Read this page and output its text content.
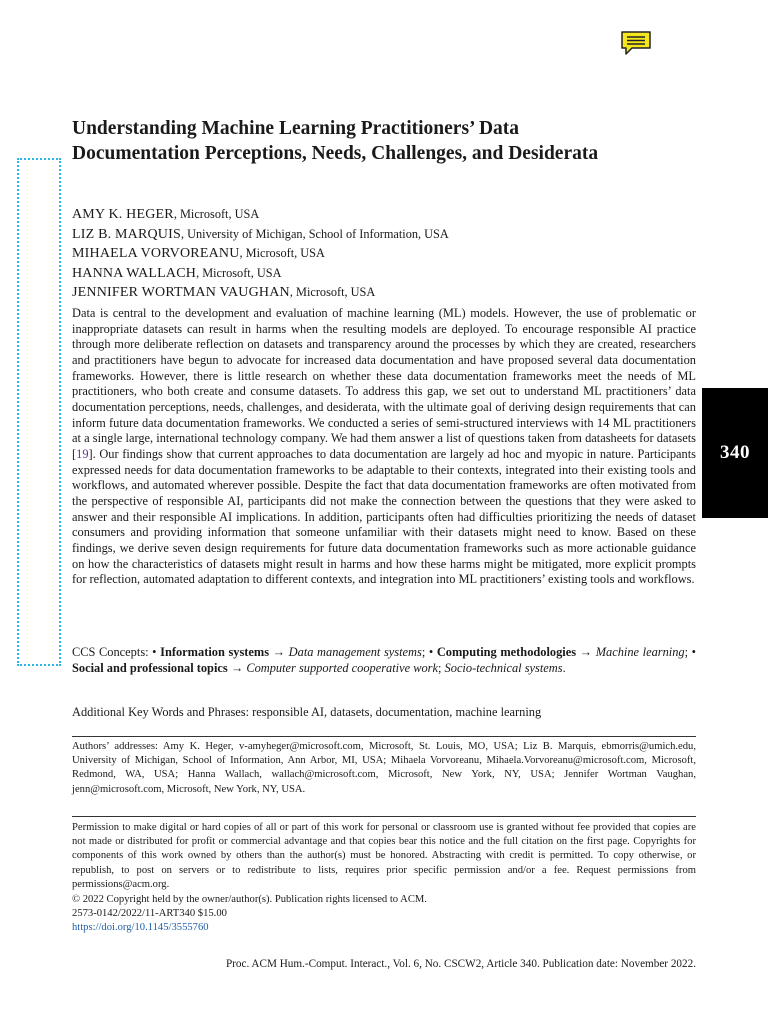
340
Understanding Machine Learning Practitioners’ Data Documentation Perceptions, Needs, Challenges, and Desiderata
AMY K. HEGER, Microsoft, USA
LIZ B. MARQUIS, University of Michigan, School of Information, USA
MIHAELA VORVOREANU, Microsoft, USA
HANNA WALLACH, Microsoft, USA
JENNIFER WORTMAN VAUGHAN, Microsoft, USA

Data is central to the development and evaluation of machine learning (ML) models. However, the use of problematic or inappropriate datasets can result in harms when the resulting models are deployed. To encourage responsible AI practice through more deliberate reflection on datasets and transparency around the processes by which they are created, researchers and practitioners have begun to advocate for increased data documentation and have proposed several data documentation frameworks. However, there is little research on whether these data documentation frameworks meet the needs of ML practitioners, who both create and consume datasets. To address this gap, we set out to understand ML practitioners’ data documentation perceptions, needs, challenges, and desiderata, with the ultimate goal of deriving design requirements that can inform future data documentation frameworks. We conducted a series of semi-structured interviews with 14 ML practitioners at a single large, international technology company. We had them answer a list of questions taken from datasheets for datasets [19]. Our findings show that current approaches to data documentation are largely ad hoc and myopic in nature. Participants expressed needs for data documentation frameworks to be adaptable to their contexts, integrated into their existing tools and workflows, and automated wherever possible. Despite the fact that data documentation frameworks are often motivated from the perspective of responsible AI, participants did not make the connection between the questions that they were asked to answer and their responsible AI implications. In addition, participants often had difficulties prioritizing the needs of dataset consumers and providing information that someone unfamiliar with their datasets might need to know. Based on these findings, we derive seven design requirements for future data documentation frameworks such as more actionable guidance on how the characteristics of datasets might result in harms and how these harms might be mitigated, more explicit prompts for reflection, automated adaptation to different contexts, and integration into ML practitioners’ existing tools and workflows.

CCS Concepts: • Information systems → Data management systems; • Computing methodologies → Machine learning; • Social and professional topics → Computer supported cooperative work; Socio-technical systems.

Additional Key Words and Phrases: responsible AI, datasets, documentation, machine learning

Authors’ addresses: Amy K. Heger, v-amyheger@microsoft.com, Microsoft, St. Louis, MO, USA; Liz B. Marquis, ebmorris@umich.edu, University of Michigan, School of Information, Ann Arbor, MI, USA; Mihaela Vorvoreanu, Mihaela.Vorvoreanu@microsoft.com, Microsoft, Redmond, WA, USA; Hanna Wallach, wallach@microsoft.com, Microsoft, New York, NY, USA; Jennifer Wortman Vaughan, jenn@microsoft.com, Microsoft, New York, NY, USA.

Permission to make digital or hard copies of all or part of this work for personal or classroom use is granted without fee provided that copies are not made or distributed for profit or commercial advantage and that copies bear this notice and the full citation on the first page. Copyrights for components of this work owned by others than the author(s) must be honored. Abstracting with credit is permitted. To copy otherwise, or republish, to post on servers or to redistribute to lists, requires prior specific permission and/or a fee. Request permissions from permissions@acm.org.

© 2022 Copyright held by the owner/author(s). Publication rights licensed to ACM.
2573-0142/2022/11-ART340 $15.00
https://doi.org/10.1145/3555760
Proc. ACM Hum.-Comput. Interact., Vol. 6, No. CSCW2, Article 340. Publication date: November 2022.
